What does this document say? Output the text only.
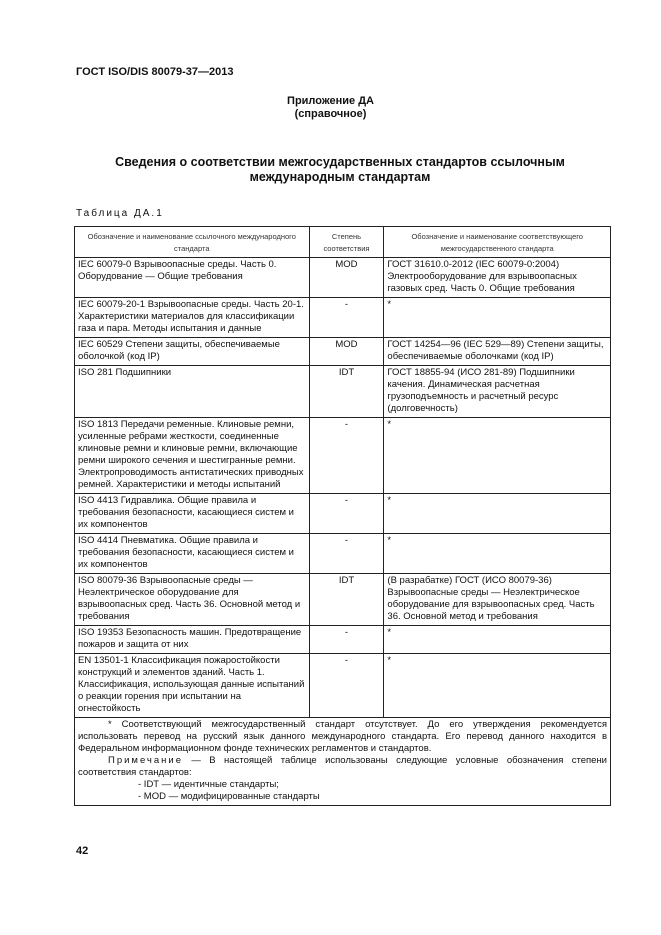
ГОСТ ISO/DIS 80079-37—2013
Приложение ДА
(справочное)
Сведения о соответствии межгосударственных стандартов ссылочным
международным стандартам
Таблица ДА.1
Обозначение и наименование ссылочного международного стандарта	Степень соответствия	Обозначение и наименование соответствующего межгосударственного стандарта
IEC 60079-0 Взрывоопасные среды. Часть 0. Оборудование — Общие требования	MOD	ГОСТ 31610.0-2012 (IEC 60079-0:2004) Электрооборудование для взрывоопасных газовых сред. Часть 0. Общие требования
IEC 60079-20-1 Взрывоопасные среды. Часть 20-1. Характеристики материалов для классификации газа и пара. Методы испытания и данные	-	*
IEC 60529 Степени защиты, обеспечиваемые оболочкой (код IP)	MOD	ГОСТ 14254—96 (IEC 529—89) Степени защиты, обеспечиваемые оболочками (код IP)
ISO 281 Подшипники	IDT	ГОСТ 18855-94 (ИСО 281-89) Подшипники качения. Динамическая расчетная грузоподъемность и расчетный ресурс (долговечность)
ISO 1813 Передачи ременные. Клиновые ремни, усиленные ребрами жесткости, соединенные клиновые ремни и клиновые ремни, включающие ремни широкого сечения и шестигранные ремни. Электропроводимость антистатических приводных ремней. Характеристики и методы испытаний	-	*
ISO 4413 Гидравлика. Общие правила и требования безопасности, касающиеся систем и их компонентов	-	*
ISO 4414 Пневматика. Общие правила и требования безопасности, касающиеся систем и их компонентов	-	*
ISO 80079-36 Взрывоопасные среды — Неэлектрическое оборудование для взрывоопасных сред. Часть 36. Основной метод и требования	IDT	(В разрабатке) ГОСТ (ИСО 80079-36) Взрывоопасные среды — Неэлектрическое оборудование для взрывоопасных сред. Часть 36. Основной метод и требования
ISO 19353 Безопасность машин. Предотвращение пожаров и защита от них	-	*
EN 13501-1 Классификация пожаростойкости конструкций и элементов зданий. Часть 1. Классификация, использующая данные испытаний о реакции горения при испытании на огнестойкость	-	*

* Соответствующий межгосударственный стандарт отсутствует. До его утверждения рекомендуется использовать перевод на русский язык данного международного стандарта. Его перевод данного находится в Федеральном информационном фонде технических регламентов и стандартов.
Примечание — В настоящей таблице использованы следующие условные обозначения степени соответствия стандартов:
- IDT — идентичные стандарты;
- MOD — модифицированные стандарты		
42
